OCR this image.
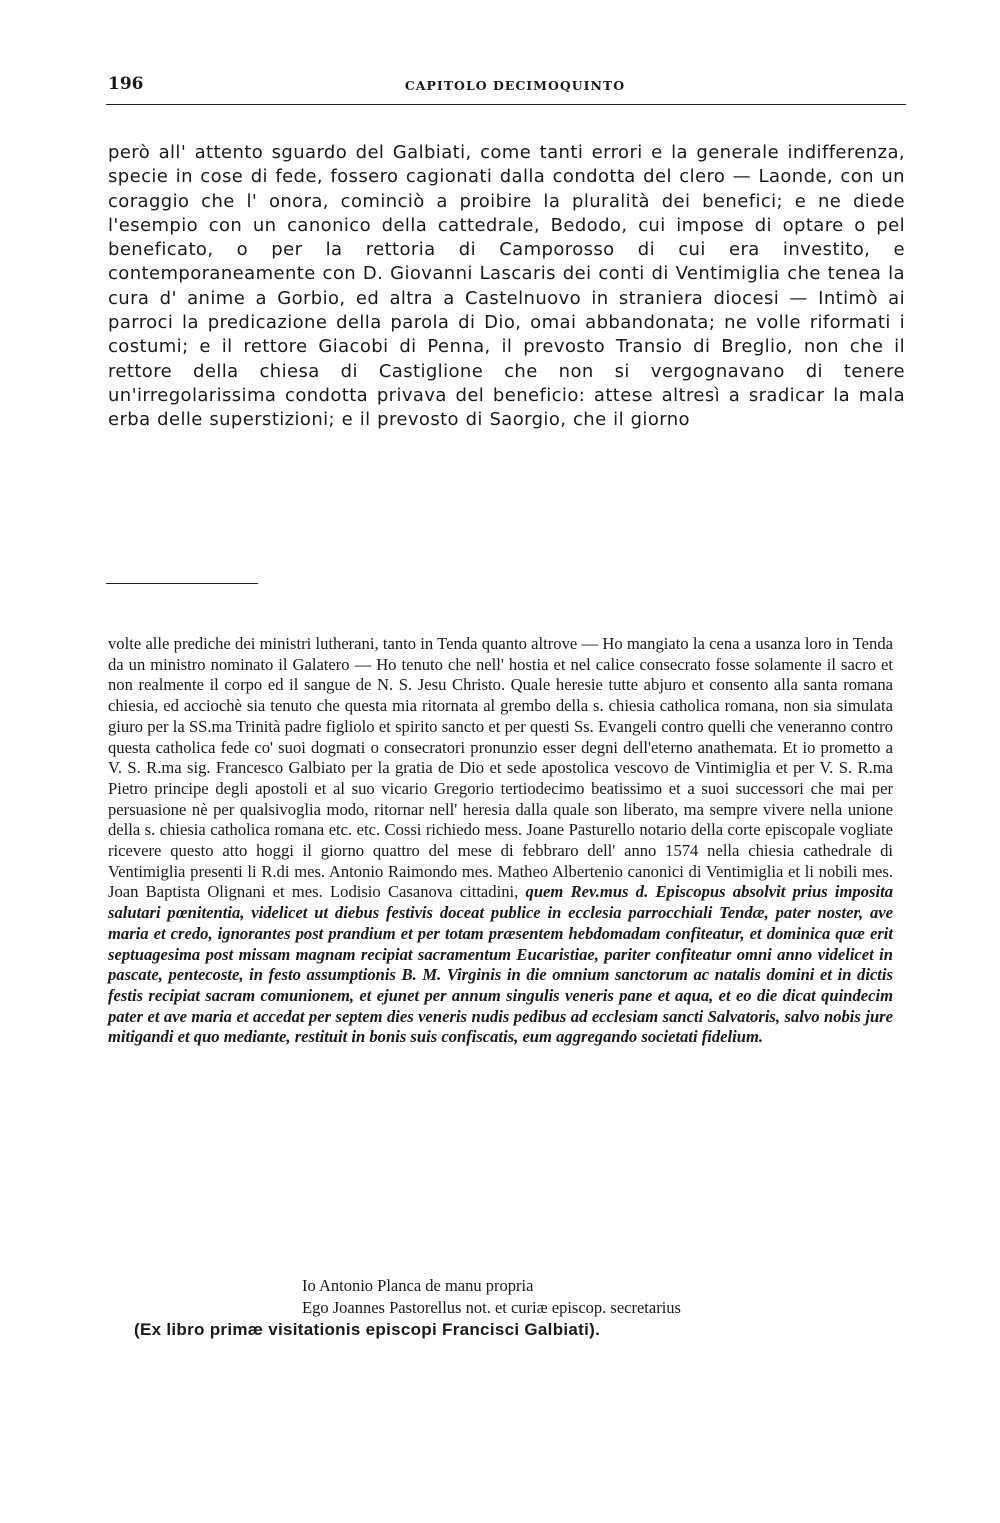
196	CAPITOLO DECIMOQUINTO

però all' attento sguardo del Galbiati, come tanti errori e la generale indifferenza, specie in cose di fede, fossero cagionati dalla condotta del clero — Laonde, con un coraggio che l' onora, cominciò a proibire la pluralità dei benefici; e ne diede l'esempio con un canonico della cattedrale, Bedodo, cui impose di optare o pel beneficato, o per la rettoria di Camporosso di cui era investito, e contemporaneamente con D. Giovanni Lascaris dei conti di Ventimiglia che tenea la cura d' anime a Gorbio, ed altra a Castelnuovo in straniera diocesi — Intimò ai parroci la predicazione della parola di Dio, omai abbandonata; ne volle riformati i costumi; e il rettore Giacobi di Penna, il prevosto Transio di Breglio, non che il rettore della chiesa di Castiglione che non si vergognavano di tenere un'irregolarissima condotta privava del beneficio: attese altresì a sradicar la mala erba delle superstizioni; e il prevosto di Saorgio, che il giorno

volte alle prediche dei ministri lutherani, tanto in Tenda quanto altrove — Ho mangiato la cena a usanza loro in Tenda da un ministro nominato il Galatero — Ho tenuto che nell' hostia et nel calice consecrato fosse solamente il sacro et non realmente il corpo ed il sangue de N. S. Jesu Christo. Quale heresie tutte abjuro et consento alla santa romana chiesia, ed acciochè sia tenuto che questa mia ritornata al grembo della s. chiesia catholica romana, non sia simulata giuro per la SS.ma Trinità padre figliolo et spirito sancto et per questi Ss. Evangeli contro quelli che veneranno contro questa catholica fede co' suoi dogmati o consecratori pronunzio esser degni dell'eterno anathemata. Et io prometto a V. S. R.ma sig. Francesco Galbiato per la gratia de Dio et sede apostolica vescovo de Vintimiglia et per V. S. R.ma Pietro principe degli apostoli et al suo vicario Gregorio tertiodecimo beatissimo et a suoi successori che mai per persuasione nè per qualsivoglia modo, ritornar nell' heresia dalla quale son liberato, ma sempre vivere nella unione della s. chiesia catholica romana etc. etc. Cossi richiedo mess. Joane Pasturello notario della corte episcopale vogliate ricevere questo atto hoggi il giorno quattro del mese di febbraro dell' anno 1574 nella chiesia cathedrale di Ventimiglia presenti li R.di mes. Antonio Raimondo mes. Matheo Albertenio canonici di Ventimiglia et li nobili mes. Joan Baptista Olignani et mes. Lodisio Casanova cittadini, quem Rev.mus d. Episcopus absolvit prius imposita salutari pœnitentia, videlicet ut diebus festivis doceat publice in ecclesia parrocchiali Tendæ, pater noster, ave maria et credo, ignorantes post prandium et per totam præsentem hebdomadam confiteatur, et dominica quæ erit septuagesima post missam magnam recipiat sacramentum Eucaristiae, pariter confiteatur omni anno videlicet in pascate, pentecoste, in festo assumptionis B. M. Virginis in die omnium sanctorum ac natalis domini et in dictis festis recipiat sacram comunionem, et ejunet per annum singulis veneris pane et aqua, et eo die dicat quindecim pater et ave maria et accedat per septem dies veneris nudis pedibus ad ecclesiam sancti Salvatoris, salvo nobis jure mitigandi et quo mediante, restituit in bonis suis confiscatis, eum aggregando societati fidelium.

Io Antonio Planca de manu propria

Ego Joannes Pastorellus not. et curiæ episcop. secretarius

(Ex libro primæ visitationis episcopi Francisci Galbiati).
